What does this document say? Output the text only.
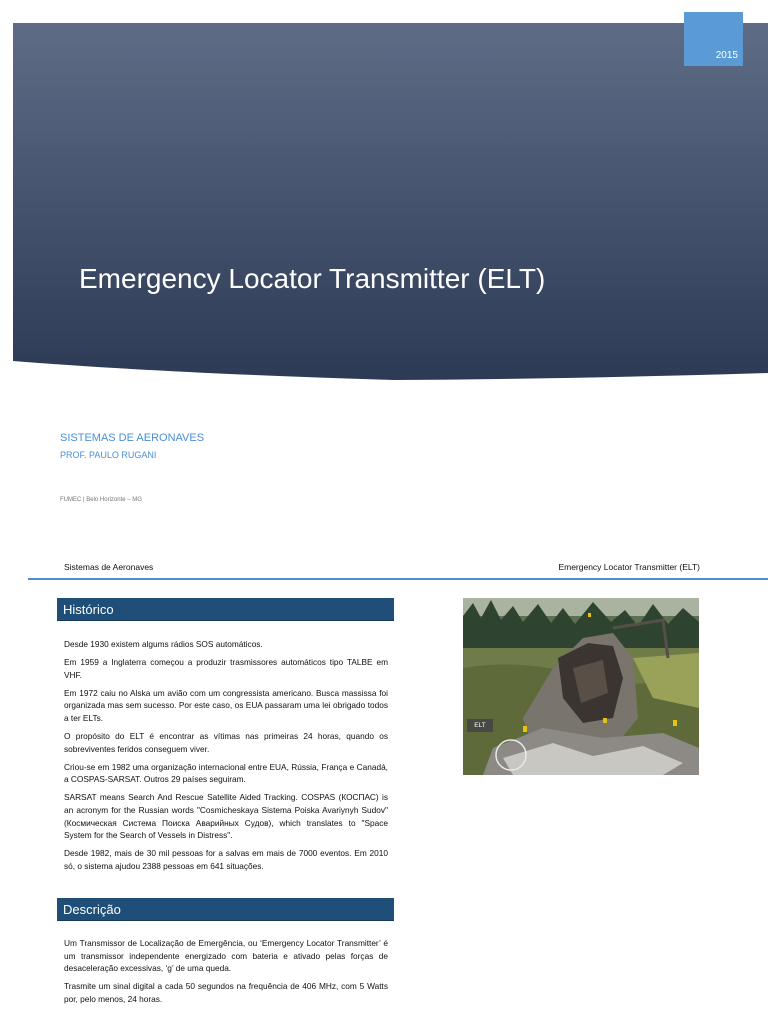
2015
Emergency Locator Transmitter (ELT)
SISTEMAS DE AERONAVES
PROF. PAULO RUGANI
FUMEC | Belo Horizonte – MG
Sistemas de Aeronaves	Emergency Locator Transmitter (ELT)
Histórico

Desde 1930 existem algums rádios SOS automáticos.

Em 1959 a Inglaterra começou a produzir trasmissores automáticos tipo TALBE em VHF.

Em 1972 caiu no Alska um avião com um congressista americano. Busca massissa foi organizada mas sem sucesso. Por este caso, os EUA passaram uma lei obrigado todos a ter ELTs.

O propósito do ELT é encontrar as vítimas nas primeiras 24 horas, quando os sobreviventes feridos conseguem viver.

Criou-se em 1982 uma organização internacional entre EUA, Rússia, França e Canadá, a COSPAS-SARSAT. Outros 29 países seguiram.

SARSAT means Search And Rescue Satellite Aided Tracking. COSPAS (КОСПАС) is an acronym for the Russian words "Cosmicheskaya Sistema Poiska Avariynyh Sudov" (Космическая Система Поиска Аварийных Судов), which translates to "Space System for the Search of Vessels in Distress".

Desde 1982, mais de 30 mil pessoas for a salvas em mais de 7000 eventos. Em 2010 só, o sistema ajudou 2388 pessoas em 641 situações.

Descrição

Um Transmissor de Localização de Emergência, ou ‘Emergency Locator Transmitter’ é um transmissor independente energizado com bateria e ativado pelas forças de desaceleração excessivas, ‘g’ de uma queda.

Trasmite um sinal digital a cada 50 segundos na frequência de 406 MHz, com 5 Watts por, pelo menos, 24 horas.

ELT
